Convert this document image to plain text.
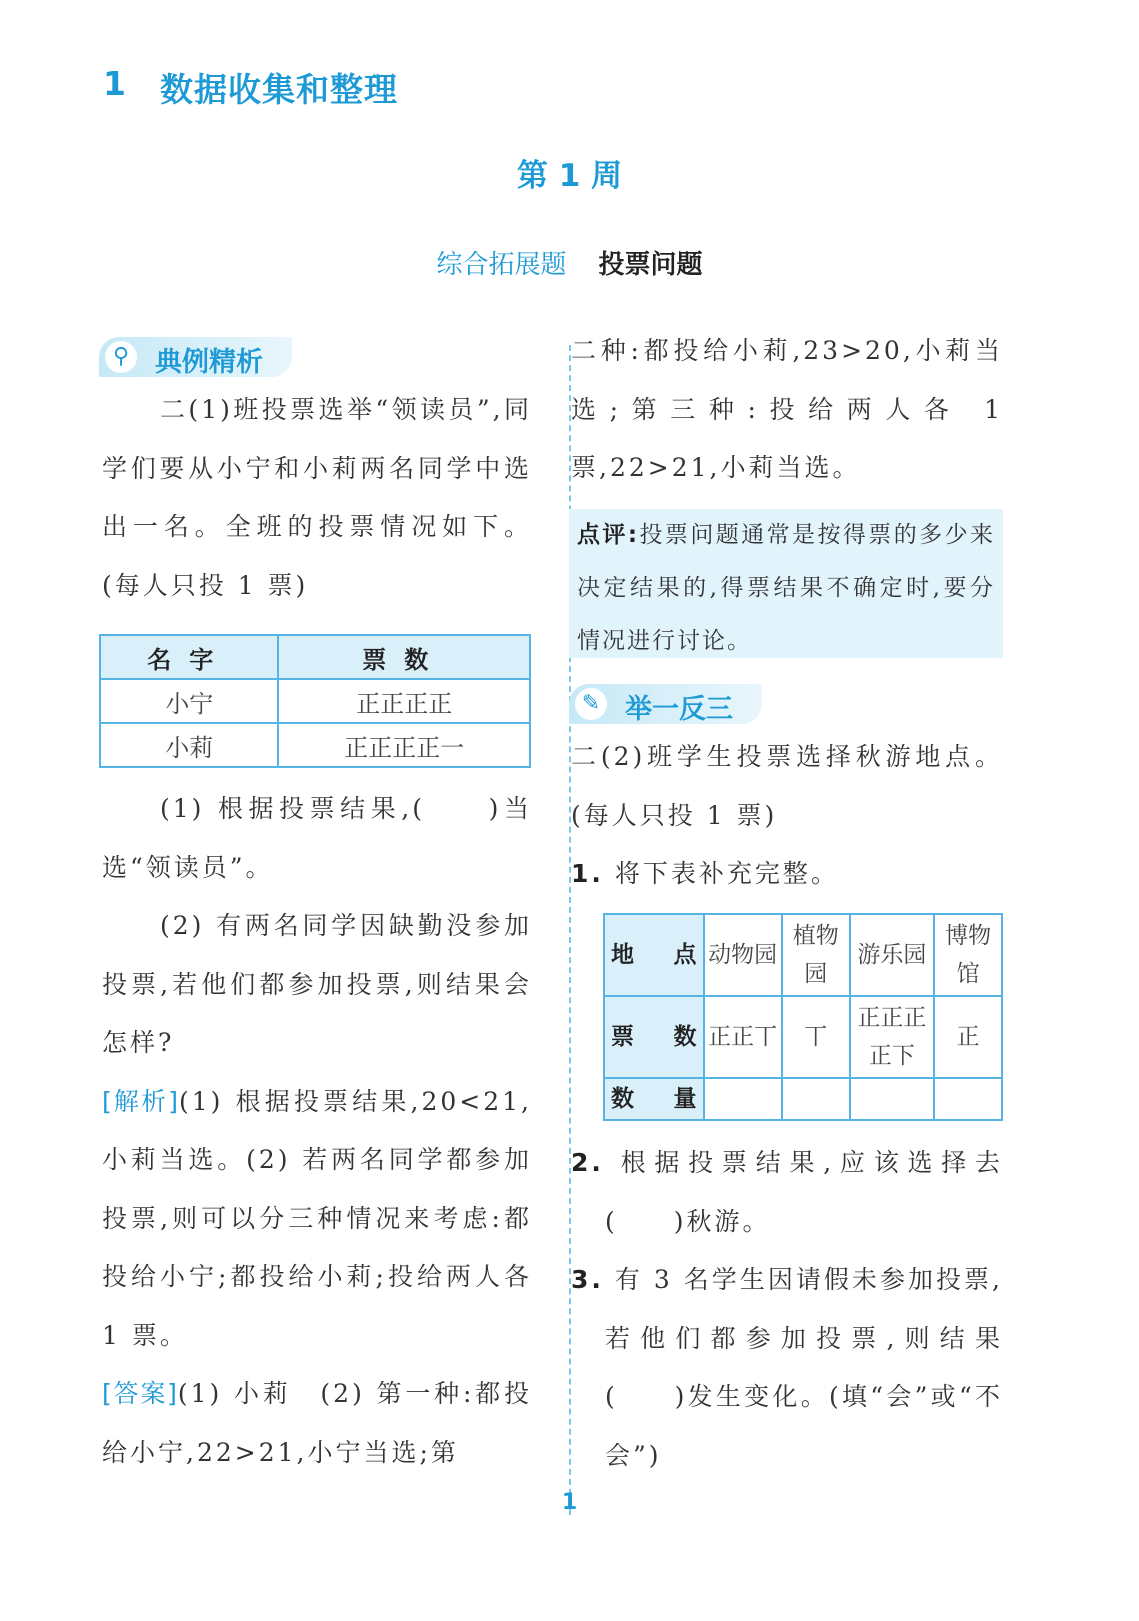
1 数据收集和整理
第 1 周
综合拓展题 投票问题
⚲ 典例精析

二(1)班投票选举“领读员”,同学们要从小宁和小莉两名同学中选出一名。全班的投票情况如下。(每人只投 1 票)

名字	票数
小宁	正正正正
小莉	正正正正一

(1) 根据投票结果,(　　)当选“领读员”。

(2) 有两名同学因缺勤没参加投票,若他们都参加投票,则结果会怎样?

[解析](1) 根据投票结果,20<21,小莉当选。(2) 若两名同学都参加投票,则可以分三种情况来考虑:都投给小宁;都投给小莉;投给两人各 1 票。

[答案](1) 小莉　(2) 第一种:都投给小宁,22>21,小宁当选;第

二种:都投给小莉,23>20,小莉当选;第三种:投给两人各 1 票,22>21,小莉当选。

点评:投票问题通常是按得票的多少来决定结果的,得票结果不确定时,要分情况进行讨论。
✎ 举一反三

二(2)班学生投票选择秋游地点。(每人只投 1 票)

1. 将下表补充完整。

地　点	动物园	植物园	游乐园	博物馆
票　数	正正丅	丅	正正正正下	正
数　量				

2. 根据投票结果,应该选择去(　　)秋游。

3. 有 3 名学生因请假未参加投票,若他们都参加投票,则结果(　　)发生变化。(填“会”或“不会”)

1
